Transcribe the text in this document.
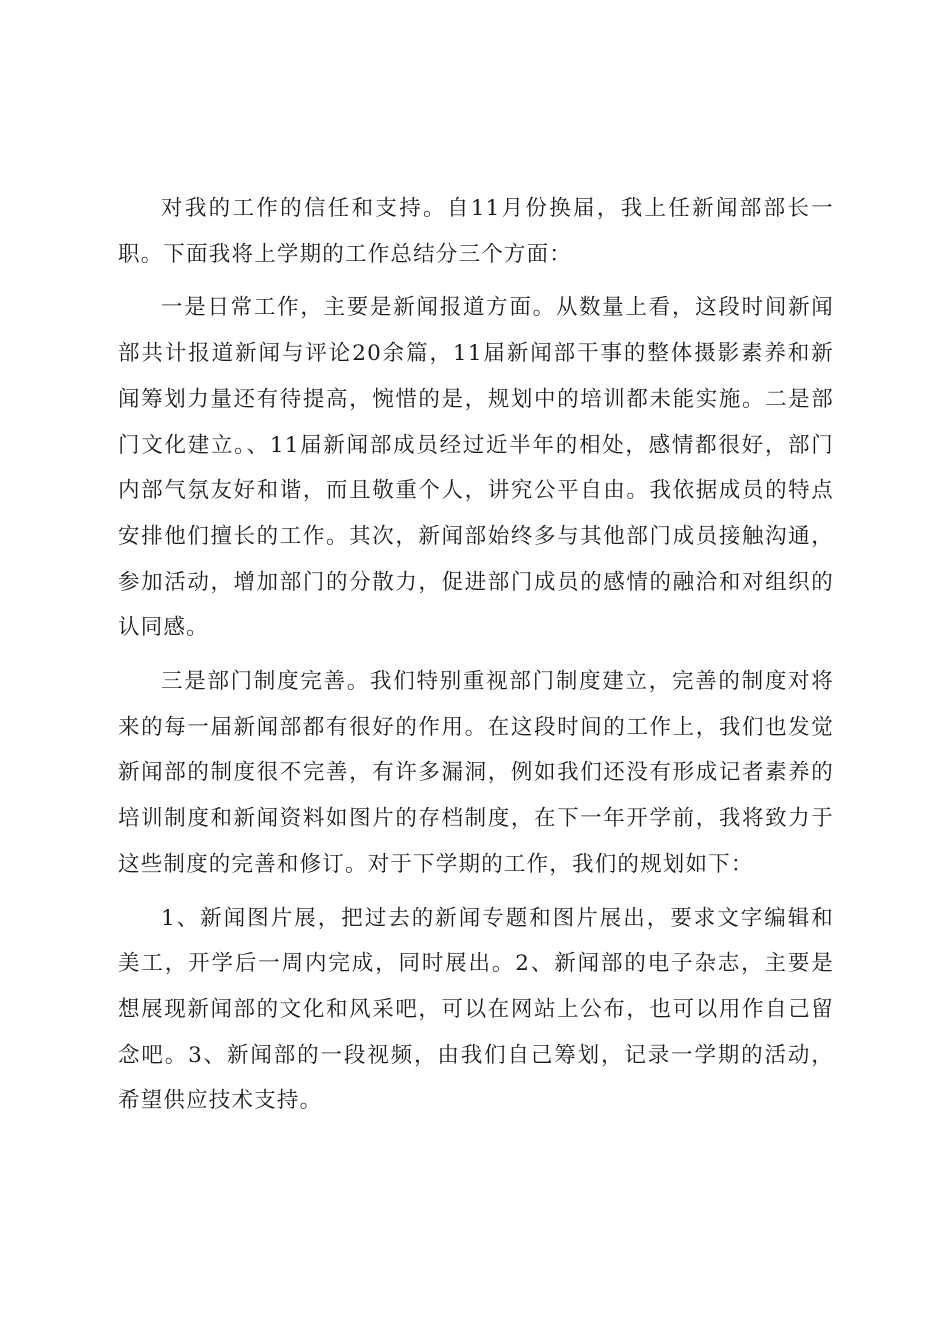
对我的工作的信任和支持。自11月份换届，我上任新闻部部长一职。下面我将上学期的工作总结分三个方面：

一是日常工作，主要是新闻报道方面。从数量上看，这段时间新闻部共计报道新闻与评论20余篇，11届新闻部干事的整体摄影素养和新闻筹划力量还有待提高，惋惜的是，规划中的培训都未能实施。二是部门文化建立。、11届新闻部成员经过近半年的相处，感情都很好，部门内部气氛友好和谐，而且敬重个人，讲究公平自由。我依据成员的特点安排他们擅长的工作。其次，新闻部始终多与其他部门成员接触沟通，参加活动，增加部门的分散力，促进部门成员的感情的融洽和对组织的认同感。

三是部门制度完善。我们特别重视部门制度建立，完善的制度对将来的每一届新闻部都有很好的作用。在这段时间的工作上，我们也发觉新闻部的制度很不完善，有许多漏洞，例如我们还没有形成记者素养的培训制度和新闻资料如图片的存档制度，在下一年开学前，我将致力于这些制度的完善和修订。对于下学期的工作，我们的规划如下：

1、新闻图片展，把过去的新闻专题和图片展出，要求文字编辑和美工，开学后一周内完成，同时展出。2、新闻部的电子杂志，主要是想展现新闻部的文化和风采吧，可以在网站上公布，也可以用作自己留念吧。3、新闻部的一段视频，由我们自己筹划，记录一学期的活动，希望供应技术支持。
